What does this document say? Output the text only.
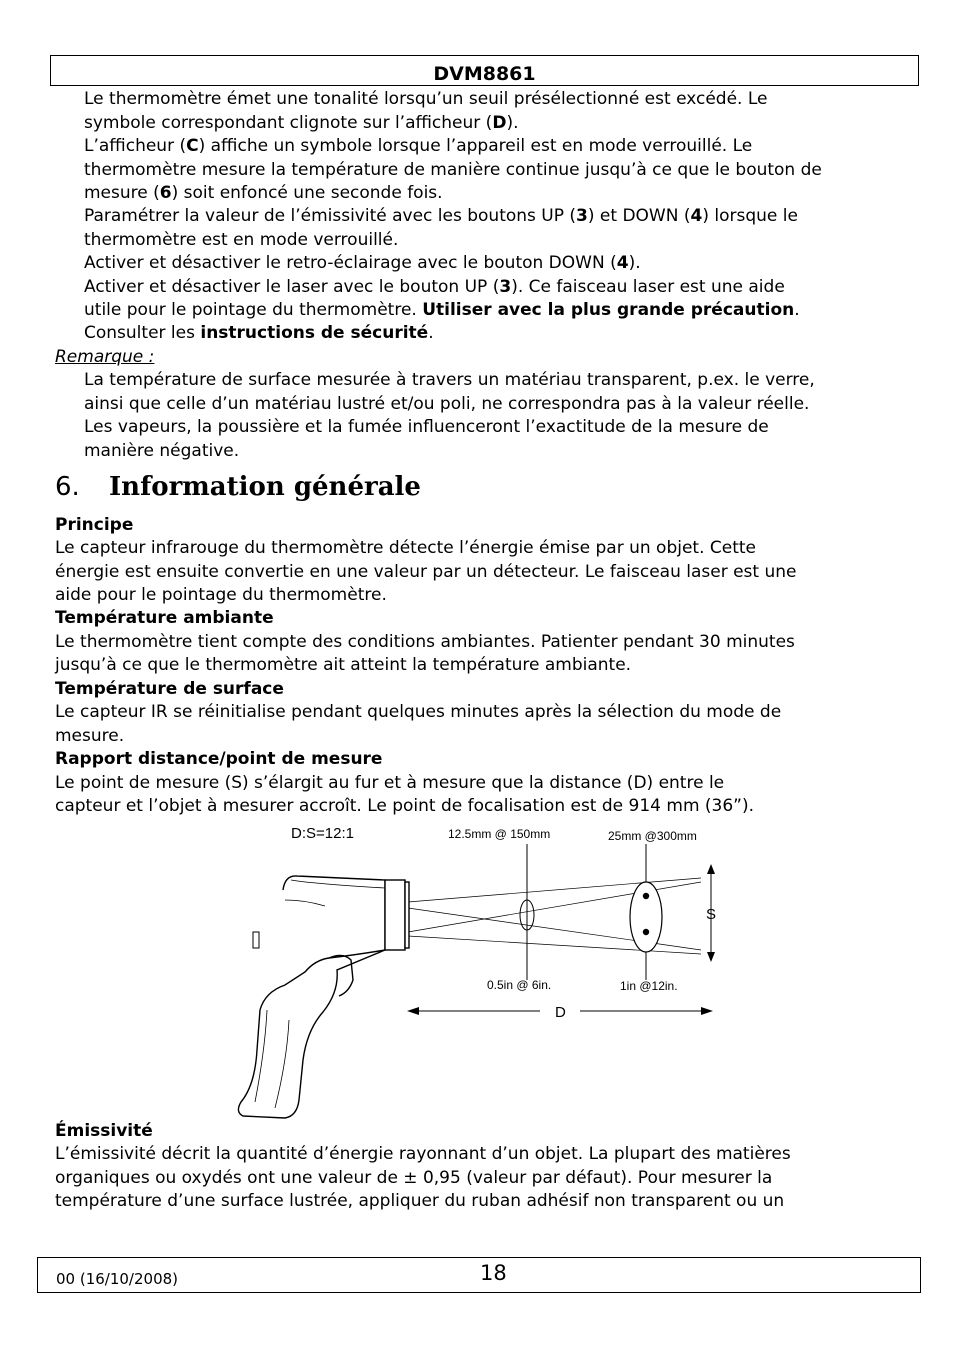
DVM8861

Le thermomètre émet une tonalité lorsqu’un seuil présélectionné est excédé. Le

symbole correspondant clignote sur l’afficheur (D).

L’afficheur (C) affiche un symbole lorsque l’appareil est en mode verrouillé. Le

thermomètre mesure la température de manière continue jusqu’à ce que le bouton de

mesure (6) soit enfoncé une seconde fois.

Paramétrer la valeur de l’émissivité avec les boutons UP (3) et DOWN (4) lorsque le

thermomètre est en mode verrouillé.

Activer et désactiver le retro-éclairage avec le bouton DOWN (4).

Activer et désactiver le laser avec le bouton UP (3). Ce faisceau laser est une aide

utile pour le pointage du thermomètre. Utiliser avec la plus grande précaution.

Consulter les instructions de sécurité.

Remarque :

La température de surface mesurée à travers un matériau transparent, p.ex. le verre,

ainsi que celle d’un matériau lustré et/ou poli, ne correspondra pas à la valeur réelle.

Les vapeurs, la poussière et la fumée influenceront l’exactitude de la mesure de

manière négative.

6. Information générale
Principe

Le capteur infrarouge du thermomètre détecte l’énergie émise par un objet. Cette

énergie est ensuite convertie en une valeur par un détecteur. Le faisceau laser est une

aide pour le pointage du thermomètre.

Température ambiante

Le thermomètre tient compte des conditions ambiantes. Patienter pendant 30 minutes

jusqu’à ce que le thermomètre ait atteint la température ambiante.

Température de surface

Le capteur IR se réinitialise pendant quelques minutes après la sélection du mode de

mesure.

Rapport distance/point de mesure

Le point de mesure (S) s’élargit au fur et à mesure que la distance (D) entre le

capteur et l’objet à mesurer accroît. Le point de focalisation est de 914 mm (36”).

D:S=12:1	12.5mm @ 150mm	25mm @300mm
0.5in @ 6in.	1in @12in.
S
D
Émissivité

L’émissivité décrit la quantité d’énergie rayonnant d’un objet. La plupart des matières

organiques ou oxydés ont une valeur de ± 0,95 (valeur par défaut). Pour mesurer la

température d’une surface lustrée, appliquer du ruban adhésif non transparent ou un

00 (16/10/2008)	18
